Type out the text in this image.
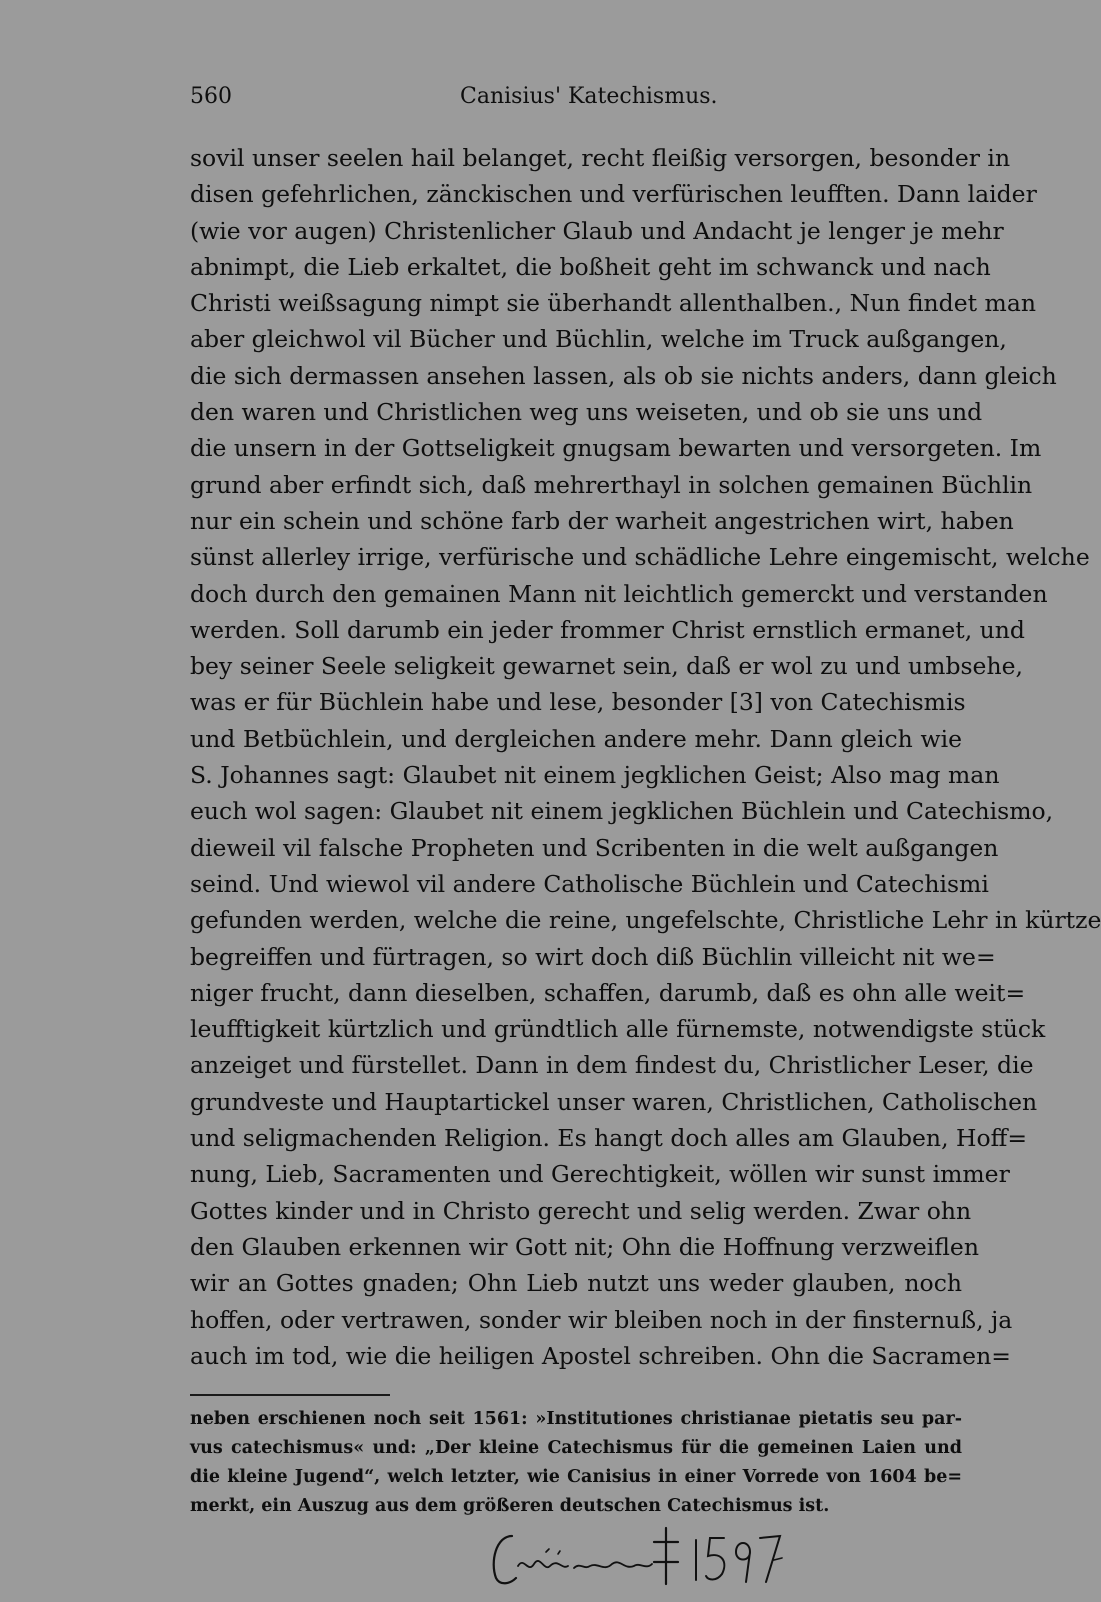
560	Canisius' Katechismus.
sovil unser seelen hail belanget, recht fleißig versorgen, besonder in
disen gefehrlichen, zänckischen und verfürischen leufften. Dann laider
(wie vor augen) Christenlicher Glaub und Andacht je lenger je mehr
abnimpt, die Lieb erkaltet, die boßheit geht im schwanck und nach
Christi weißsagung nimpt sie überhandt allenthalben., Nun findet man
aber gleichwol vil Bücher und Büchlin, welche im Truck außgangen,
die sich dermassen ansehen lassen, als ob sie nichts anders, dann gleich
den waren und Christlichen weg uns weiseten, und ob sie uns und
die unsern in der Gottseligkeit gnugsam bewarten und versorgeten. Im
grund aber erfindt sich, daß mehrerthayl in solchen gemainen Büchlin
nur ein schein und schöne farb der warheit angestrichen wirt, haben
sünst allerley irrige, verfürische und schädliche Lehre eingemischt, welche
doch durch den gemainen Mann nit leichtlich gemerckt und verstanden
werden. Soll darumb ein jeder frommer Christ ernstlich ermanet, und
bey seiner Seele seligkeit gewarnet sein, daß er wol zu und umbsehe,
was er für Büchlein habe und lese, besonder [3] von Catechismis
und Betbüchlein, und dergleichen andere mehr. Dann gleich wie
S. Johannes sagt: Glaubet nit einem jegklichen Geist; Also mag man
euch wol sagen: Glaubet nit einem jegklichen Büchlein und Catechismo,
dieweil vil falsche Propheten und Scribenten in die welt außgangen
seind. Und wiewol vil andere Catholische Büchlein und Catechismi
gefunden werden, welche die reine, ungefelschte, Christliche Lehr in kürtze
begreiffen und fürtragen, so wirt doch diß Büchlin villeicht nit we=
niger frucht, dann dieselben, schaffen, darumb, daß es ohn alle weit=
leufftigkeit kürtzlich und gründtlich alle fürnemste, notwendigste stück
anzeiget und fürstellet. Dann in dem findest du, Christlicher Leser, die
grundveste und Hauptartickel unser waren, Christlichen, Catholischen
und seligmachenden Religion. Es hangt doch alles am Glauben, Hoff=
nung, Lieb, Sacramenten und Gerechtigkeit, wöllen wir sunst immer
Gottes kinder und in Christo gerecht und selig werden. Zwar ohn
den Glauben erkennen wir Gott nit; Ohn die Hoffnung verzweiflen
wir an Gottes gnaden; Ohn Lieb nutzt uns weder glauben, noch
hoffen, oder vertrawen, sonder wir bleiben noch in der finsternuß, ja
auch im tod, wie die heiligen Apostel schreiben. Ohn die Sacramen=
neben erschienen noch seit 1561: »Institutiones christianae pietatis seu par-
vus catechismus« und: „Der kleine Catechismus für die gemeinen Laien und
die kleine Jugend“, welch letzter, wie Canisius in einer Vorrede von 1604 be=
merkt, ein Auszug aus dem größeren deutschen Catechismus ist.
